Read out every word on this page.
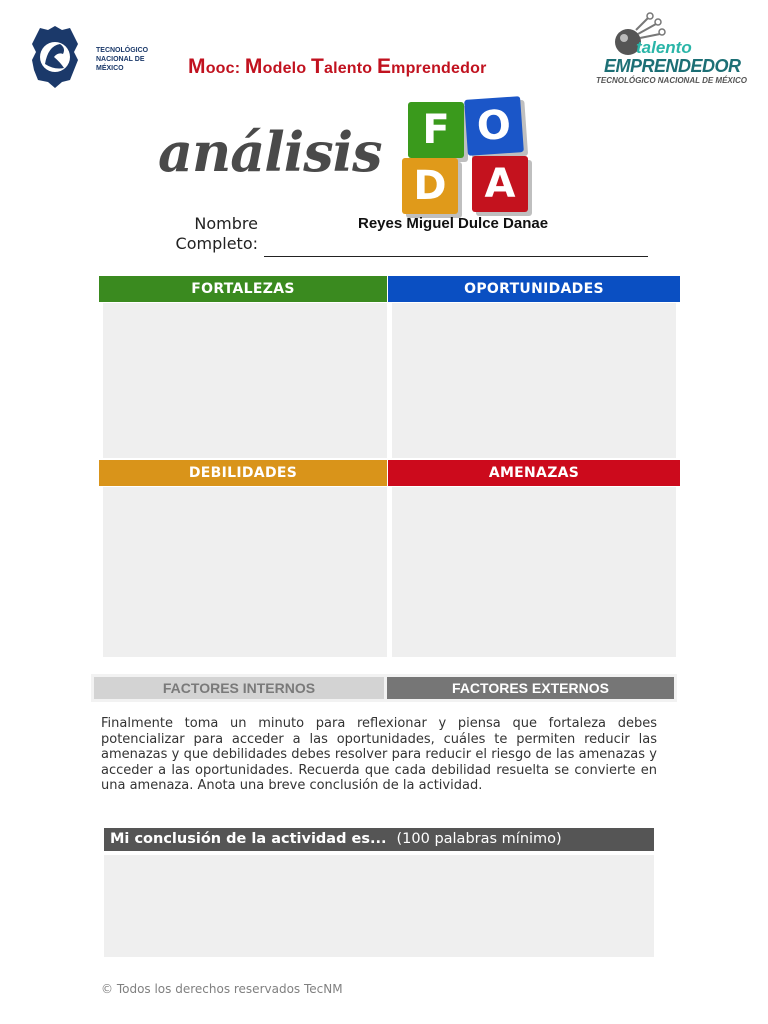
TECNOLÓGICO
NACIONAL DE MÉXICO	Mooc: Modelo Talento Emprendedor
talento
EMPRENDEDOR
TECNOLÓGICO NACIONAL DE MÉXICO
análisis	F O
D A
Nombre
Completo:
Reyes Miguel Dulce Danae
FORTALEZAS	OPORTUNIDADES
DEBILIDADES	AMENAZAS
FACTORES INTERNOS	FACTORES EXTERNOS
Finalmente toma un minuto para reflexionar y piensa que fortaleza debes potencializar para acceder a las oportunidades, cuáles te permiten reducir las amenazas y que debilidades debes resolver para reducir el riesgo de las amenazas y acceder a las oportunidades. Recuerda que cada debilidad resuelta se convierte en una amenaza. Anota una breve conclusión de la actividad.
Mi conclusión de la actividad es... (100 palabras mínimo)
© Todos los derechos reservados TecNM
